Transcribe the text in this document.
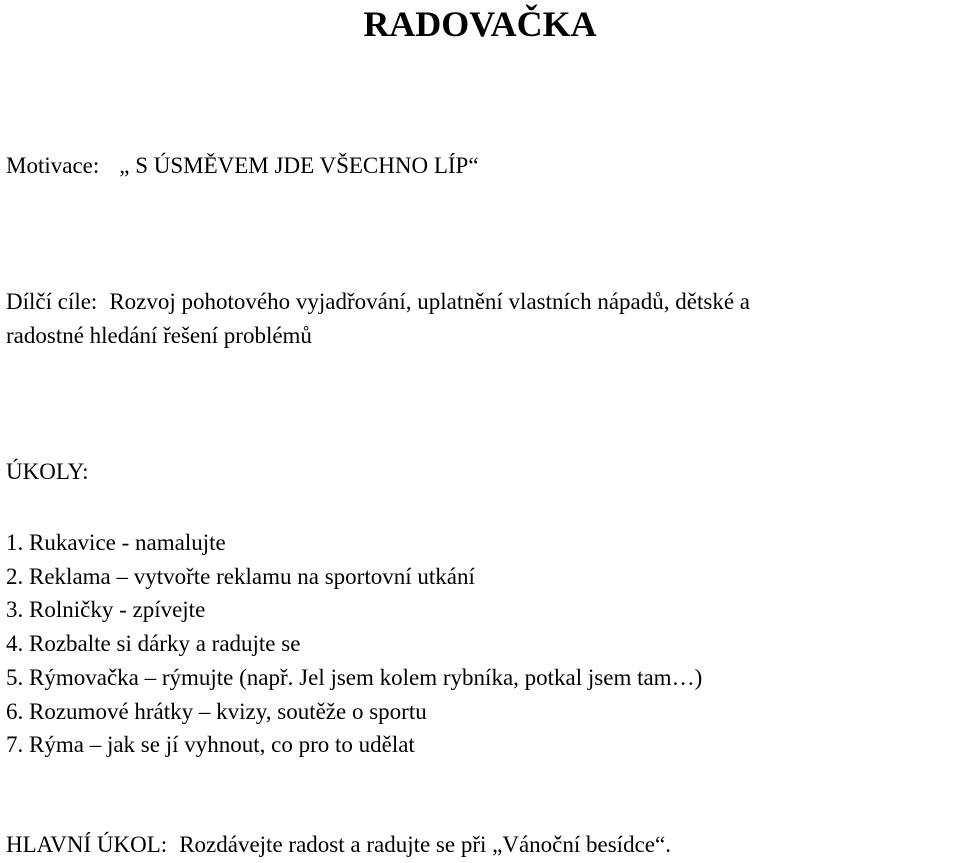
RADOVAČKA
Motivace: „ S ÚSMĚVEM JDE VŠECHNO LÍP“
Dílčí cíle: Rozvoj pohotového vyjadřování, uplatnění vlastních nápadů, dětské a
radostné hledání řešení problémů
ÚKOLY:
1. Rukavice - namalujte
2. Reklama – vytvořte reklamu na sportovní utkání
3. Rolničky - zpívejte
4. Rozbalte si dárky a radujte se
5. Rýmovačka – rýmujte (např. Jel jsem kolem rybníka, potkal jsem tam…)
6. Rozumové hrátky – kvizy, soutěže o sportu
7. Rýma – jak se jí vyhnout, co pro to udělat
HLAVNÍ ÚKOL: Rozdávejte radost a radujte se při „Vánoční besídce“.
